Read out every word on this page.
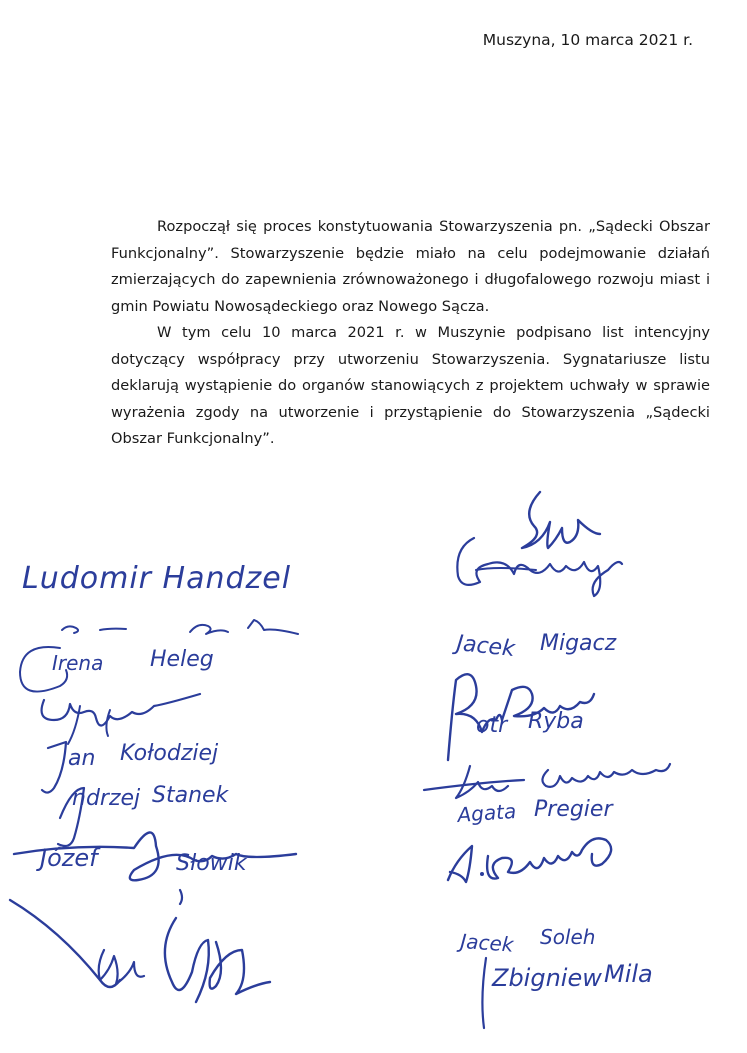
Muszyna, 10 marca 2021 r.

Rozpoczął się proces konstytuowania Stowarzyszenia pn. „Sądecki Obszar Funkcjonalny”. Stowarzyszenie będzie miało na celu podejmowanie działań zmierzających do zapewnienia zrównoważonego i długofalowego rozwoju miast i gmin Powiatu Nowosądeckiego oraz Nowego Sącza.

W tym celu 10 marca 2021 r. w Muszynie podpisano list intencyjny dotyczący współpracy przy utworzeniu Stowarzyszenia. Sygnatariusze listu deklarują wystąpienie do organów stanowiących z projektem uchwały w sprawie wyrażenia zgody na utworzenie i przystąpienie do Stowarzyszenia „Sądecki Obszar Funkcjonalny”.

Ludomir Handzel
Irena Heleg
an Kołodziej
ndrzej Stanek
Józef	Słowik
Jacek Migacz
otr Ryba
Agata Pregier
Jacek Soleh
Zbigniew Mila
